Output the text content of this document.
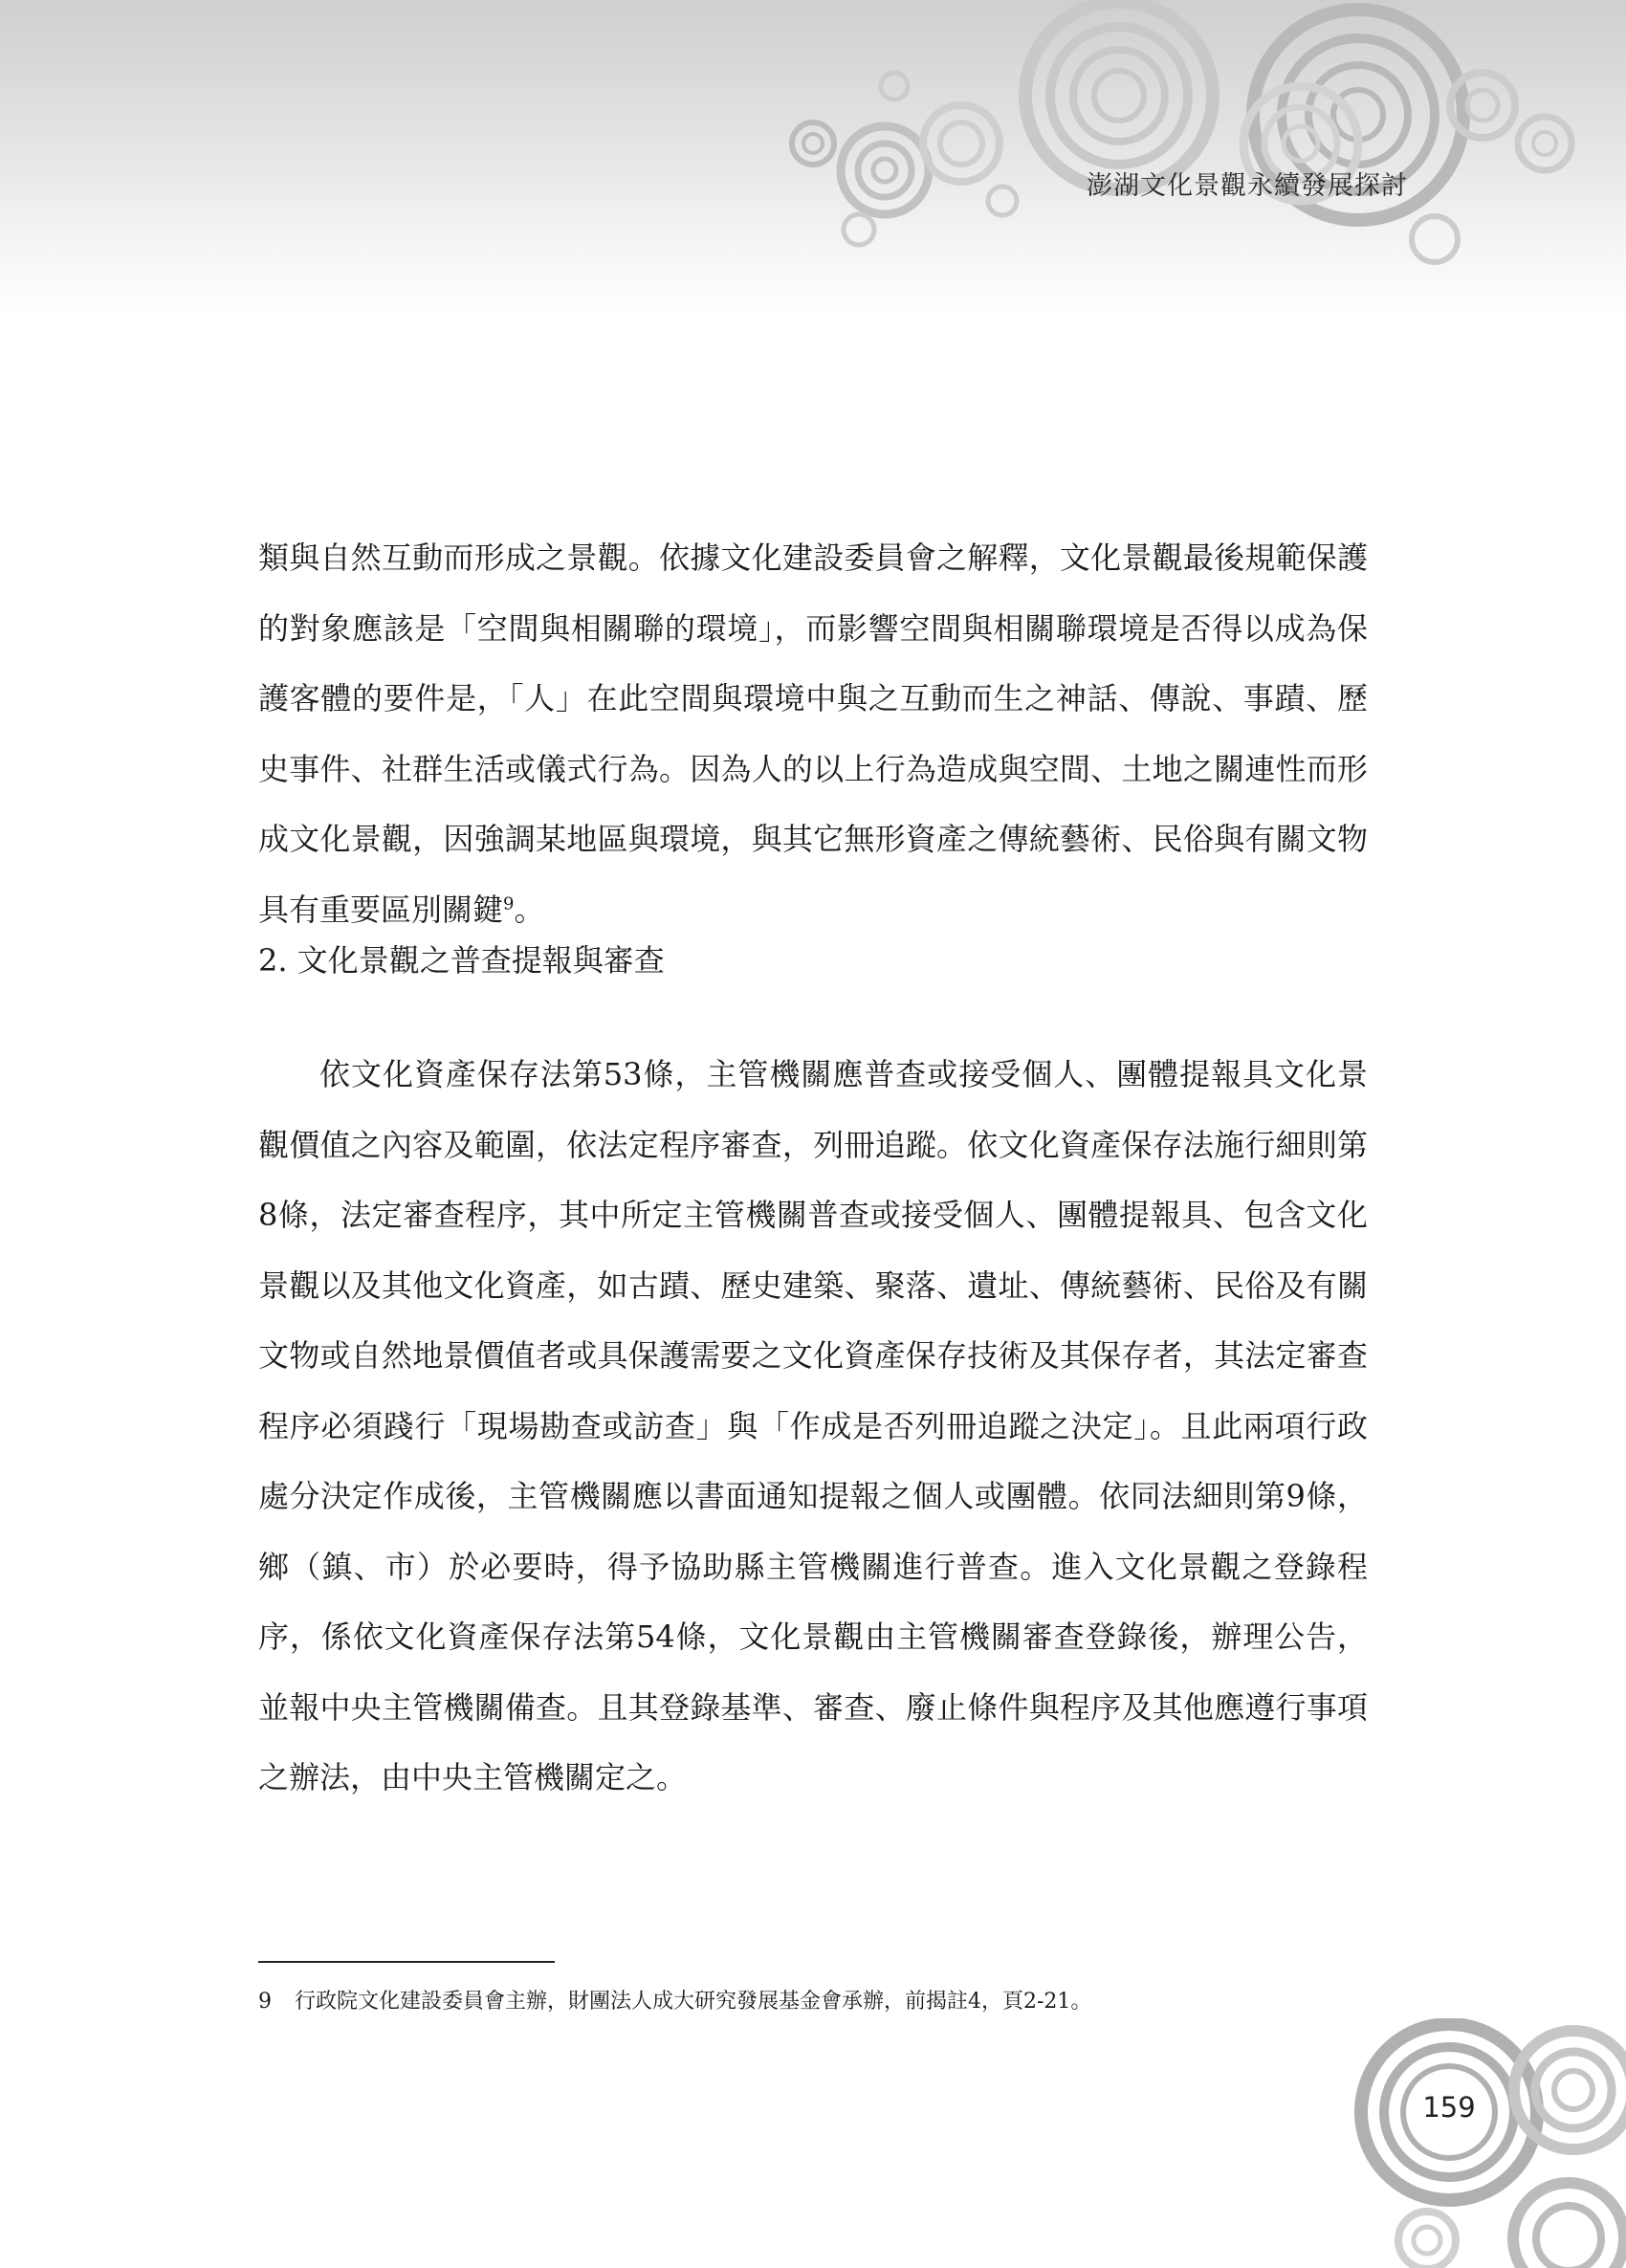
澎湖文化景觀永續發展探討

類與自然互動而形成之景觀。依據文化建設委員會之解釋，文化景觀最後規範保護的對象應該是「空間與相關聯的環境」，而影響空間與相關聯環境是否得以成為保護客體的要件是，「人」在此空間與環境中與之互動而生之神話、傳說、事蹟、歷史事件、社群生活或儀式行為。因為人的以上行為造成與空間、土地之關連性而形成文化景觀，因強調某地區與環境，與其它無形資產之傳統藝術、民俗與有關文物具有重要區別關鍵$^9$。

2. 文化景觀之普查提報與審查

依文化資產保存法第53條，主管機關應普查或接受個人、團體提報具文化景觀價值之內容及範圍，依法定程序審查，列冊追蹤。依文化資產保存法施行細則第8條，法定審查程序，其中所定主管機關普查或接受個人、團體提報具、包含文化景觀以及其他文化資產，如古蹟、歷史建築、聚落、遺址、傳統藝術、民俗及有關文物或自然地景價值者或具保護需要之文化資產保存技術及其保存者，其法定審查程序必須踐行「現場勘查或訪查」與「作成是否列冊追蹤之決定」。且此兩項行政處分決定作成後，主管機關應以書面通知提報之個人或團體。依同法細則第9條，鄉（鎮、市）於必要時，得予協助縣主管機關進行普查。進入文化景觀之登錄程序，係依文化資產保存法第54條，文化景觀由主管機關審查登錄後，辦理公告，並報中央主管機關備查。且其登錄基準、審查、廢止條件與程序及其他應遵行事項之辦法，由中央主管機關定之。

9 行政院文化建設委員會主辦，財團法人成大研究發展基金會承辦，前揭註4，頁2-21。
159
